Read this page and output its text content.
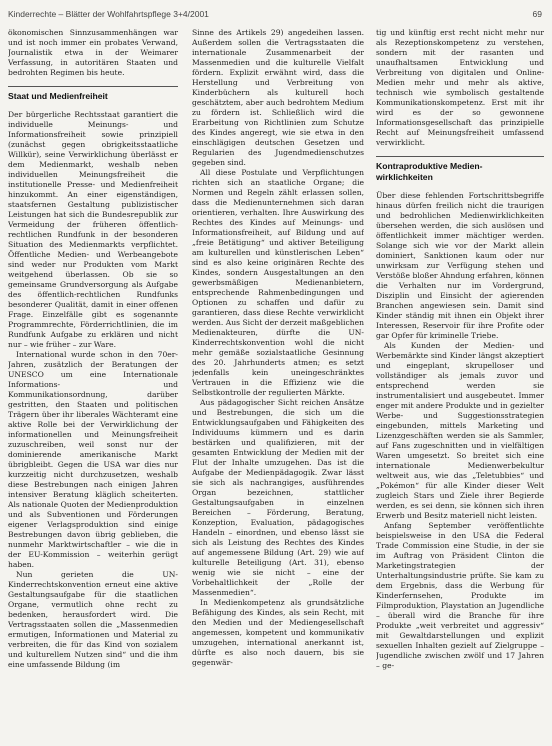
Kinderrechte – Blätter der Wohlfahrtspflege 3+4/2001	69

ökonomischen Sinnzusammenhängen war und ist noch immer ein probates Verwand, Journalistik etwa in der Weimarer Verfassung, in autoritären Staaten und bedrohten Regimen bis heute.

Staat und Medienfreiheit

Der bürgerliche Rechtsstaat garantiert die individuelle Meinungs- und Informationsfreiheit sowie prinzipiell (zunächst gegen obrigkeitsstaatliche Willkür), seine Verwirklichung überlässt er dem Medienmarkt, weshalb neben individuellen Meinungsfreiheit die institutionelle Presse- und Medienfreiheit hinzukommt. An einer eigenständigen, staatsfernen Gestaltung publizistischer Leistungen hat sich die Bundesrepublik zur Vermeidung der früheren öffentlich-rechtlichen Rundfunk in der besonderen Situation des Medienmarkts verpflichtet. Öffentliche Medien- und Werbeangebote sind weder nur Produkten vom Markt weitgehend überlassen. Ob sie so gemeinsame Grundversorgung als Aufgabe des öffentlich-rechtlichen Rundfunks besonderer Qualität, damit in einer offenen Frage. Einzelfälle gibt es sogenannte Programmrechte, Förderrichtlinien, die im Rundfunk Aufgabe zu erklären und nicht nur – wie früher – zur Ware.

International wurde schon in den 70er-Jahren, zusätzlich der Beratungen der UNESCO um eine Internationale Informations- und Kommunikationsordnung, darüber gestritten, den Staaten und politischen Trägern über ihr liberales Wächteramt eine aktive Rolle bei der Verwirklichung der informationellen und Meinungsfreiheit zuzuschreiben, weil sonst nur der dominierende amerikanische Markt übrigbleibt. Gegen die USA war dies nur kurzzeitig nicht durchzusetzen, weshalb diese Bestrebungen nach einigen Jahren intensiver Beratung kläglich scheiterten. Als nationale Quoten der Medienproduktion und als Subventionen und Förderungen eigener Verlagsproduktion sind einige Bestrebungen davon übrig geblieben, die nunmehr Marktwirtschaftler – wie die in der EU-Kommission – weiterhin gerügt haben.

Nun gerieten die UN-Kinderrechtskonvention erneut eine aktive Gestaltungsaufgabe für die staatlichen Organe, vermutlich ohne recht zu bedenken, herausfordert wird. Die Vertragsstaaten sollen die „Massenmedien ermutigen, Informationen und Material zu verbreiten, die für das Kind von sozialem und kulturellem Nutzen sind“ und die ihm eine umfassende Bildung (im

Sinne des Artikels 29) angedeihen lassen. Außerdem sollen die Vertragsstaaten die internationale Zusammenarbeit der Massenmedien und die kulturelle Vielfalt fördern. Explizit erwähnt wird, dass die Herstellung und Verbreitung von Kinderbüchern als kulturell hoch geschätztem, aber auch bedrohtem Medium zu fördern ist. Schließlich wird die Erarbeitung von Richtlinien zum Schutze des Kindes angeregt, wie sie etwa in den einschlägigen deutschen Gesetzen und Regularien des Jugendmedienschutzes gegeben sind.

All diese Postulate und Verpflichtungen richten sich an staatliche Organe; die Normen und Regeln zählt erlassen sollen, dass die Medienunternehmen sich daran orientieren, verhalten. Ihre Auswirkung des Rechtes des Kindes auf Meinungs- und Informationsfreiheit, auf Bildung und auf „freie Betätigung“ und aktiver Beteiligung am kulturellen und künstlerischen Leben“ sind es also keine originären Rechte des Kindes, sondern Ausgestaltungen an den gewerbsmäßigen Medienanbietern, entsprechende Rahmenbedingungen und Optionen zu schaffen und dafür zu garantieren, dass diese Rechte verwirklicht werden. Aus Sicht der derzeit maßgeblichen Medienakteuren, dürfte die UN-Kinderrechtskonvention wohl die nicht mehr gemäße sozialstaatliche Gesinnung des 20. Jahrhunderts atmen; es setzt jedenfalls kein uneingeschränktes Vertrauen in die Effizienz wie die Selbstkontrolle der regulierten Märkte.

Aus pädagogischer Sicht reichen Ansätze und Bestrebungen, die sich um die Entwicklungsaufgaben und Fähigkeiten des Individuums kümmern und es darin bestärken und qualifizieren, mit der gesamten Entwicklung der Medien mit der Flut der Inhalte umzugehen. Das ist die Aufgabe der Medienpädagogik. Zwar lässt sie sich als nachrangiges, ausführendes Organ bezeichnen, stattlicher Gestaltungsaufgaben in einzelnen Bereichen – Förderung, Beratung, Konzeption, Evaluation, pädagogisches Handeln – einordnen, und ebenso lässt sie sich als Leistung des Rechtes des Kindes auf angemessene Bildung (Art. 29) wie auf kulturelle Beteiligung (Art. 31), ebenso wenig wie sie nicht – eine der Vorbehaltlichkeit der „Rolle der Massenmedien“.

In Medienkompetenz als grundsätzliche Befähigung des Kindes, als sein Recht, mit den Medien und der Mediengesellschaft angemessen, kompetent und kommunikativ umzugehen, international anerkannt ist, dürfte es also noch dauern, bis sie gegenwär-

tig und künftig erst recht nicht mehr nur als Rezeptionskompetenz zu verstehen, sondern mit der rasanten und unaufhaltsamen Entwicklung und Verbreitung von digitalen und Online-Medien mehr und mehr als aktive, technisch wie symbolisch gestaltende Kommunikationskompetenz. Erst mit ihr wird es der so gewonnene Informationsgesellschaft das prinzipielle Recht auf Meinungsfreiheit umfassend verwirklicht.

Kontraproduktive Medien-
wirklichkeiten

Über diese fehlenden Fortschrittsbegriffe hinaus dürfen freilich nicht die traurigen und bedrohlichen Medienwirklichkeiten übersehen werden, die sich auslösen und öffentlichkeit immer mächtiger werden. Solange sich wie vor der Markt allein dominiert, Sanktionen kaum oder nur unwirksam zur Verfügung stehen und Verstöße bloßer Ahndung erfahren, können die Verhalten nur im Vordergrund, Disziplin und Einsicht der agierenden Branchen angewiesen sein. Damit sind Kinder ständig mit ihnen ein Objekt ihrer Interessen, Reservoir für ihre Profite oder gar Opfer für kriminelle Triebe.

Als Kunden der Medien- und Werbemärkte sind Kinder längst akzeptiert und eingeplant, skrupelloser und vollständiger als jemals zuvor und entsprechend werden sie instrumentalisiert und ausgebeutet. Immer enger mit andere Produkte und in gezielter Werbe- und Suggestionsstrategien eingebunden, mittels Marketing und Lizenzgeschäften werden sie als Sammler, auf Fans zugeschnitten und in vielfältigen Waren umgesetzt. So breitet sich eine internationale Medienwerbekultur weltweit aus, wie das „Teletubbies“ und „Pokémon“ für alle Kinder dieser Welt zugleich Stars und Ziele ihrer Begierde werden, es sei denn, sie können sich ihren Erwerb und Besitz materiell nicht leisten.

Anfang September veröffentlichte beispielsweise in den USA die Federal Trade Commission eine Studie, in der sie im Auftrag von Präsident Clinton die Marketingstrategien der Unterhaltungsindustrie prüfte. Sie kam zu dem Ergebnis, dass die Werbung für Kinderfernsehen, Produkte im Filmproduktion, Playstation an Jugendliche – überall wird die Branche für ihre Produkte „weit verbreitet und aggressiv“ mit Gewaltdarstellungen und explizit sexuellen Inhalten gezielt auf Zielgruppe – Jugendliche zwischen zwölf und 17 Jahren – ge-
